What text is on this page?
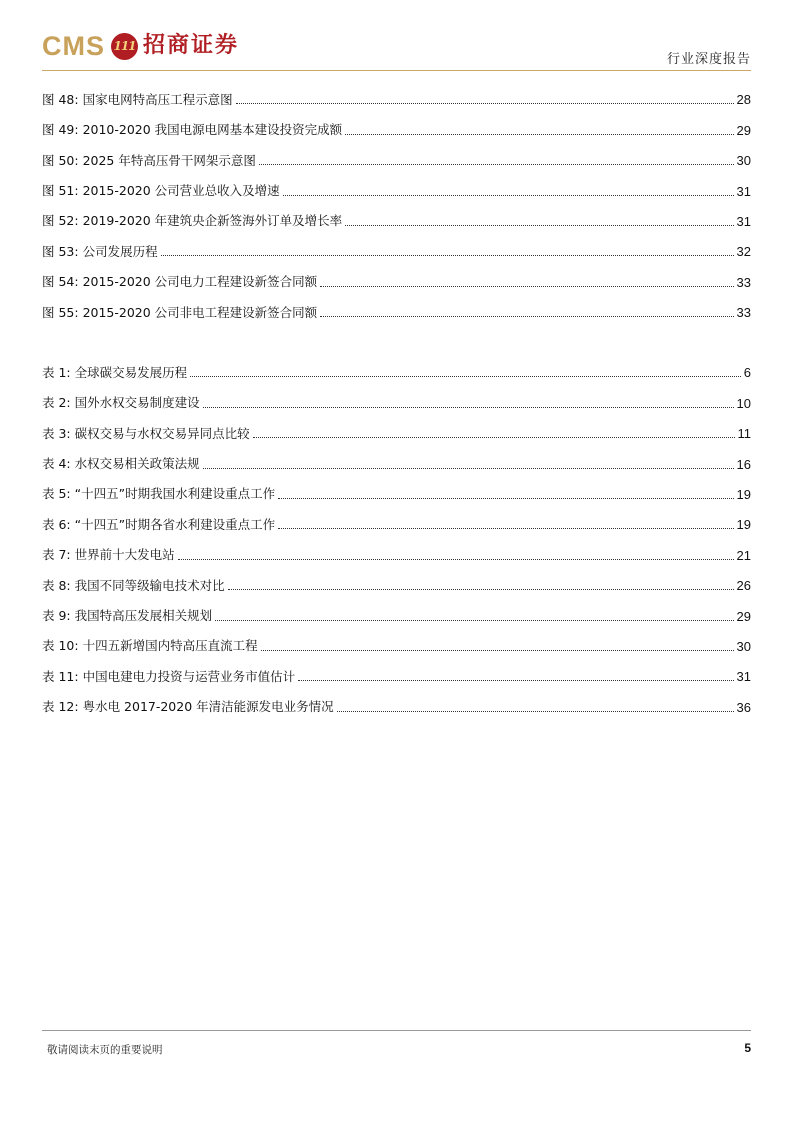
CMS 111 招商证券
行业深度报告
图 48: 国家电网特高压工程示意图	28
图 49: 2010-2020 我国电源电网基本建设投资完成额	29
图 50: 2025 年特高压骨干网架示意图	30
图 51: 2015-2020 公司营业总收入及增速	31
图 52: 2019-2020 年建筑央企新签海外订单及增长率	31
图 53: 公司发展历程	32
图 54: 2015-2020 公司电力工程建设新签合同额	33
图 55: 2015-2020 公司非电工程建设新签合同额	33
表 1: 全球碳交易发展历程	6
表 2: 国外水权交易制度建设	10
表 3: 碳权交易与水权交易异同点比较	11
表 4: 水权交易相关政策法规	16
表 5: “十四五”时期我国水利建设重点工作	19
表 6: “十四五”时期各省水利建设重点工作	19
表 7: 世界前十大发电站	21
表 8: 我国不同等级输电技术对比	26
表 9: 我国特高压发展相关规划	29
表 10: 十四五新增国内特高压直流工程	30
表 11: 中国电建电力投资与运营业务市值估计	31
表 12: 粤水电 2017-2020 年清洁能源发电业务情况	36
敬请阅读末页的重要说明	5
